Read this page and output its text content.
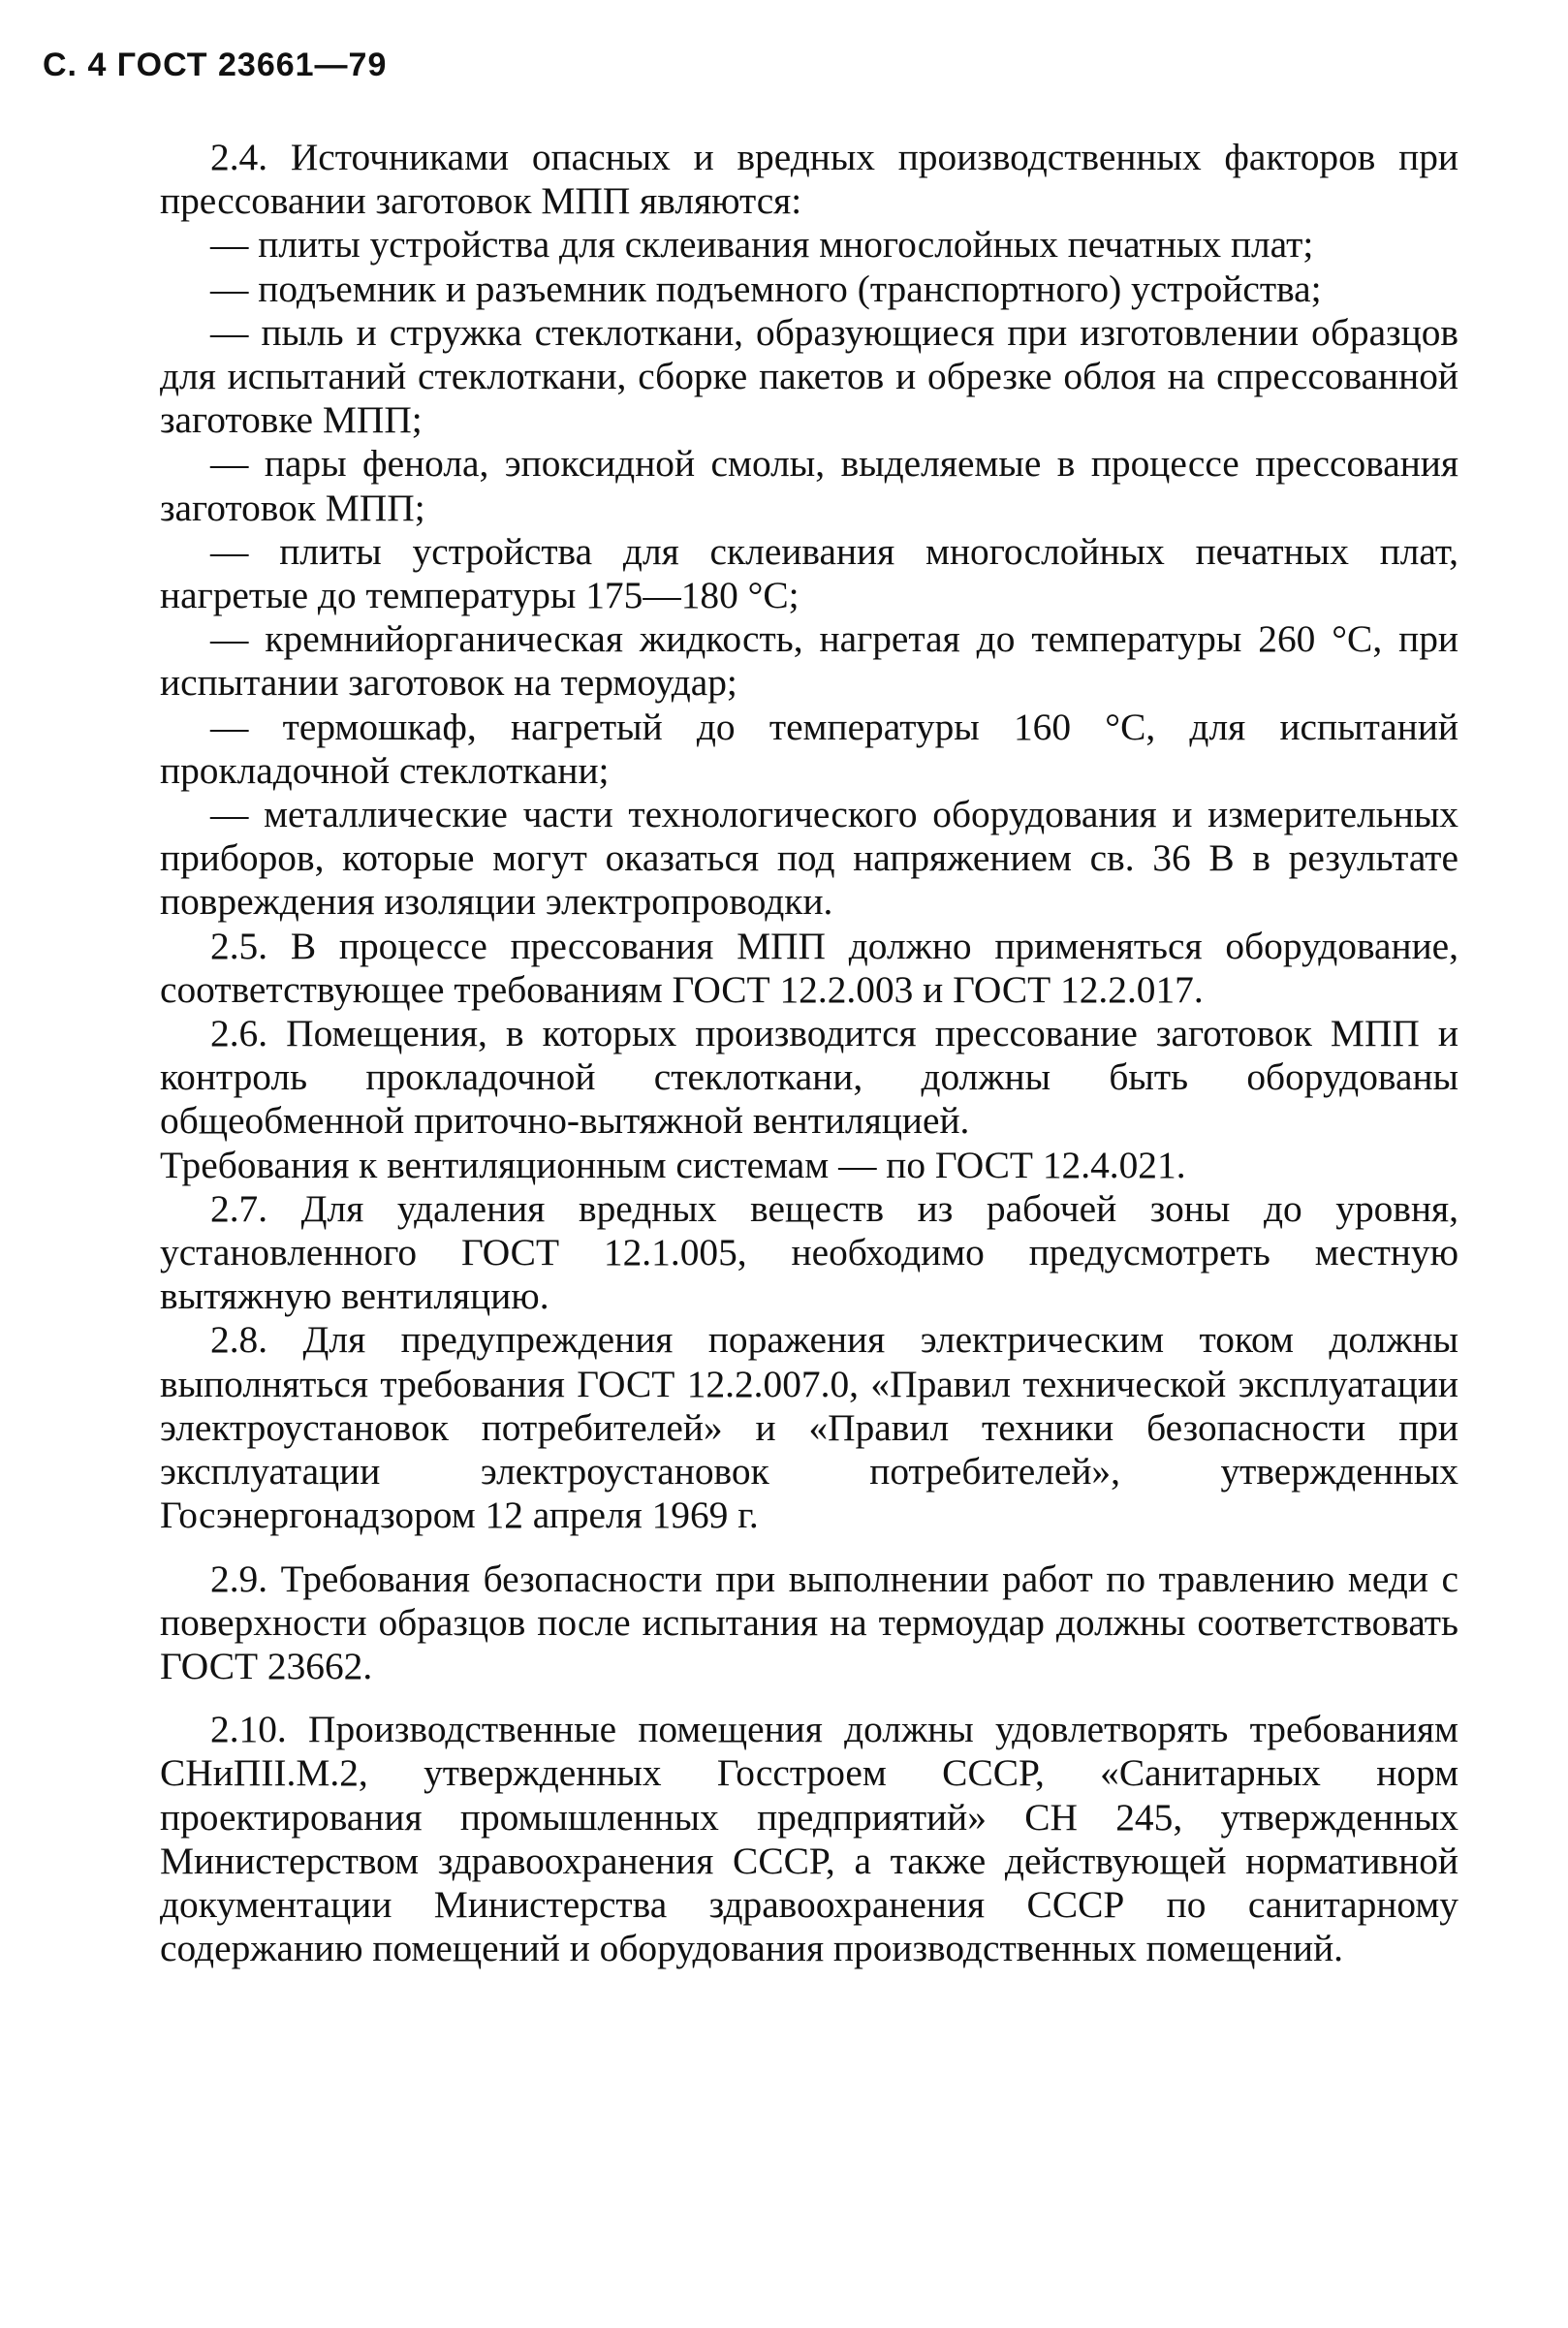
С. 4 ГОСТ 23661—79

2.4. Источниками опасных и вредных производственных факторов при прессовании заготовок МПП являются:

— плиты устройства для склеивания многослойных печатных плат;

— подъемник и разъемник подъемного (транспортного) устройства;

— пыль и стружка стеклоткани, образующиеся при изготовлении образцов для испытаний стеклоткани, сборке пакетов и обрезке облоя на спрессованной заготовке МПП;

— пары фенола, эпоксидной смолы, выделяемые в процессе прессования заготовок МПП;

— плиты устройства для склеивания многослойных печатных плат, нагретые до температуры 175—180 °С;

— кремнийорганическая жидкость, нагретая до температуры 260 °С, при испытании заготовок на термоудар;

— термошкаф, нагретый до температуры 160 °С, для испытаний прокладочной стеклоткани;

— металлические части технологического оборудования и измерительных приборов, которые могут оказаться под напряжением св. 36 В в результате повреждения изоляции электропроводки.

2.5. В процессе прессования МПП должно применяться оборудование, соответствующее требованиям ГОСТ 12.2.003 и ГОСТ 12.2.017.

2.6. Помещения, в которых производится прессование заготовок МПП и контроль прокладочной стеклоткани, должны быть оборудованы общеобменной приточно-вытяжной вентиляцией.

Требования к вентиляционным системам — по ГОСТ 12.4.021.

2.7. Для удаления вредных веществ из рабочей зоны до уровня, установленного ГОСТ 12.1.005, необходимо предусмотреть местную вытяжную вентиляцию.

2.8. Для предупреждения поражения электрическим током должны выполняться требования ГОСТ 12.2.007.0, «Правил технической эксплуатации электроустановок потребителей» и «Правил техники безопасности при эксплуатации электроустановок потребителей», утвержденных Госэнергонадзором 12 апреля 1969 г.

2.9. Требования безопасности при выполнении работ по травлению меди с поверхности образцов после испытания на термоудар должны соответствовать ГОСТ 23662.

2.10. Производственные помещения должны удовлетворять требованиям СНиПII.М.2, утвержденных Госстроем СССР, «Санитарных норм проектирования промышленных предприятий» СН 245, утвержденных Министерством здравоохранения СССР, а также действующей нормативной документации Министерства здравоохранения СССР по санитарному содержанию помещений и оборудования производственных помещений.
